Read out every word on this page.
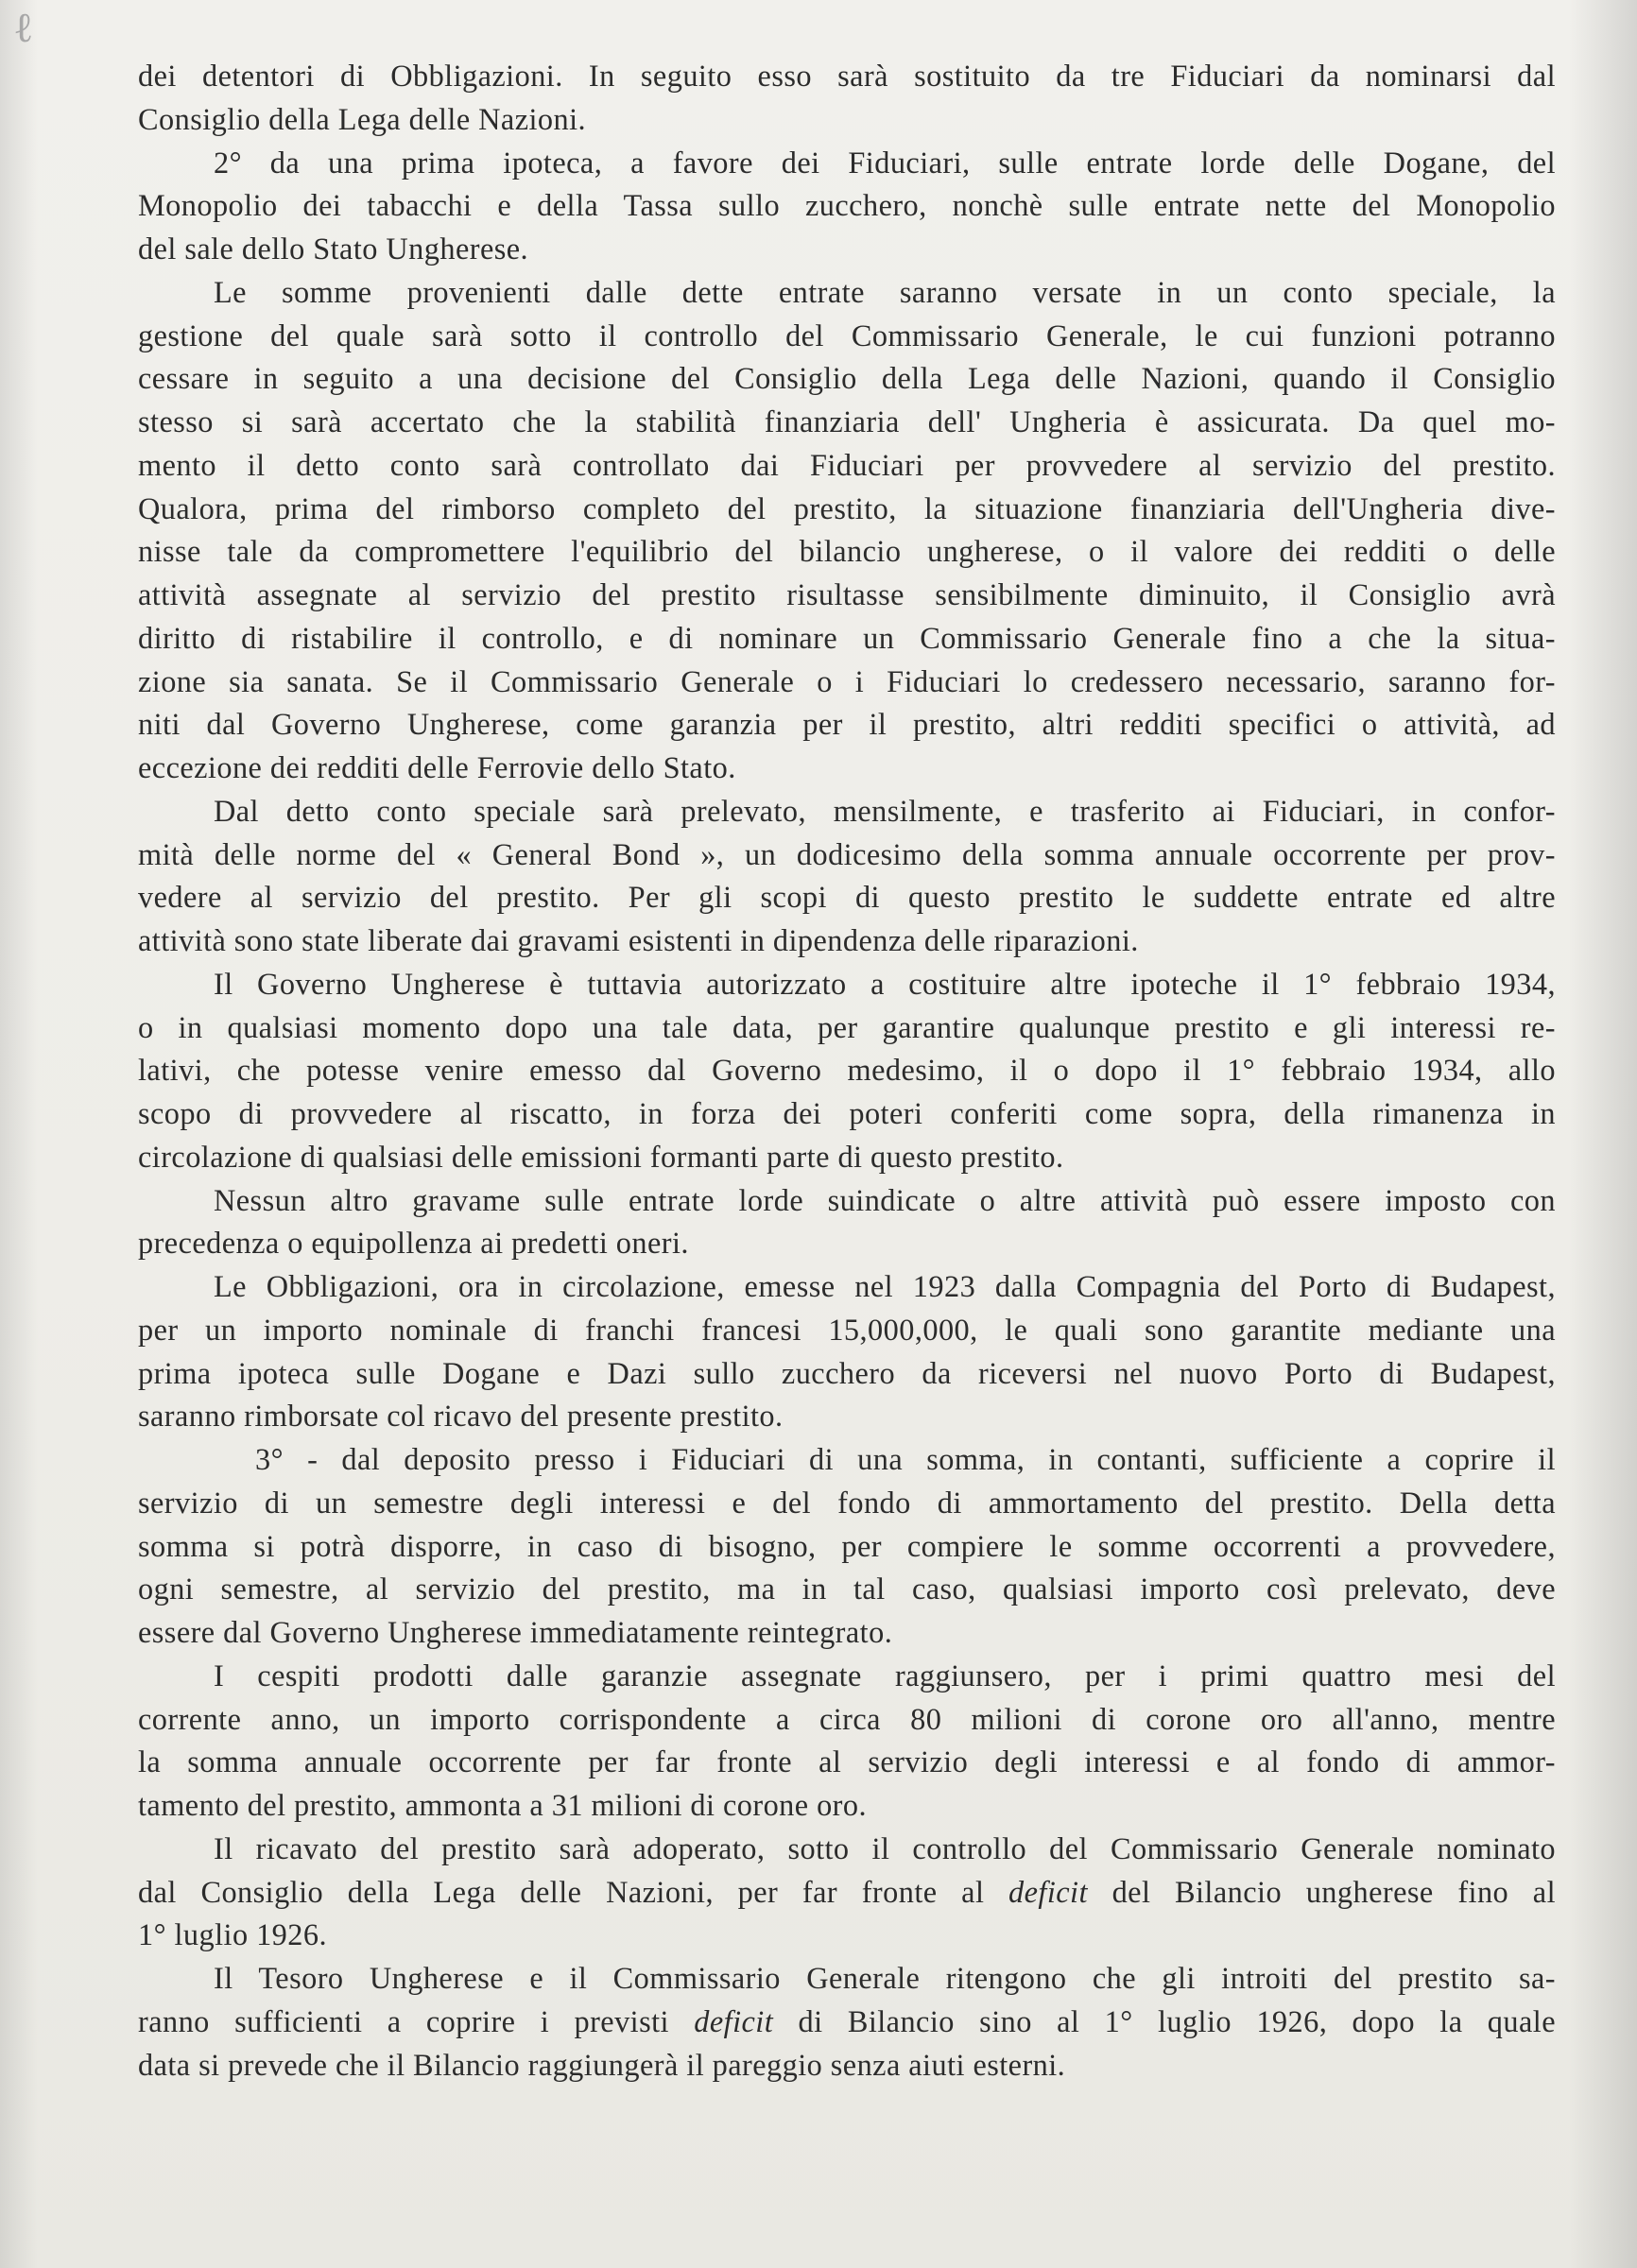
ℓ
dei detentori di Obbligazioni. In seguito esso sarà sostituito da tre Fiduciari da nominarsi dal
Consiglio della Lega delle Nazioni.
2° da una prima ipoteca, a favore dei Fiduciari, sulle entrate lorde delle Dogane, del
Monopolio dei tabacchi e della Tassa sullo zucchero, nonchè sulle entrate nette del Monopolio
del sale dello Stato Ungherese.
Le somme provenienti dalle dette entrate saranno versate in un conto speciale, la
gestione del quale sarà sotto il controllo del Commissario Generale, le cui funzioni potranno
cessare in seguito a una decisione del Consiglio della Lega delle Nazioni, quando il Consiglio
stesso si sarà accertato che la stabilità finanziaria dell' Ungheria è assicurata. Da quel mo-
mento il detto conto sarà controllato dai Fiduciari per provvedere al servizio del prestito.
Qualora, prima del rimborso completo del prestito, la situazione finanziaria dell'Ungheria dive-
nisse tale da compromettere l'equilibrio del bilancio ungherese, o il valore dei redditi o delle
attività assegnate al servizio del prestito risultasse sensibilmente diminuito, il Consiglio avrà
diritto di ristabilire il controllo, e di nominare un Commissario Generale fino a che la situa-
zione sia sanata. Se il Commissario Generale o i Fiduciari lo credessero necessario, saranno for-
niti dal Governo Ungherese, come garanzia per il prestito, altri redditi specifici o attività, ad
eccezione dei redditi delle Ferrovie dello Stato.
Dal detto conto speciale sarà prelevato, mensilmente, e trasferito ai Fiduciari, in confor-
mità delle norme del « General Bond », un dodicesimo della somma annuale occorrente per prov-
vedere al servizio del prestito. Per gli scopi di questo prestito le suddette entrate ed altre
attività sono state liberate dai gravami esistenti in dipendenza delle riparazioni.
Il Governo Ungherese è tuttavia autorizzato a costituire altre ipoteche il 1° febbraio 1934,
o in qualsiasi momento dopo una tale data, per garantire qualunque prestito e gli interessi re-
lativi, che potesse venire emesso dal Governo medesimo, il o dopo il 1° febbraio 1934, allo
scopo di provvedere al riscatto, in forza dei poteri conferiti come sopra, della rimanenza in
circolazione di qualsiasi delle emissioni formanti parte di questo prestito.
Nessun altro gravame sulle entrate lorde suindicate o altre attività può essere imposto con
precedenza o equipollenza ai predetti oneri.
Le Obbligazioni, ora in circolazione, emesse nel 1923 dalla Compagnia del Porto di Budapest,
per un importo nominale di franchi francesi 15,000,000, le quali sono garantite mediante una
prima ipoteca sulle Dogane e Dazi sullo zucchero da riceversi nel nuovo Porto di Budapest,
saranno rimborsate col ricavo del presente prestito.
3° - dal deposito presso i Fiduciari di una somma, in contanti, sufficiente a coprire il
servizio di un semestre degli interessi e del fondo di ammortamento del prestito. Della detta
somma si potrà disporre, in caso di bisogno, per compiere le somme occorrenti a provvedere,
ogni semestre, al servizio del prestito, ma in tal caso, qualsiasi importo così prelevato, deve
essere dal Governo Ungherese immediatamente reintegrato.
I cespiti prodotti dalle garanzie assegnate raggiunsero, per i primi quattro mesi del
corrente anno, un importo corrispondente a circa 80 milioni di corone oro all'anno, mentre
la somma annuale occorrente per far fronte al servizio degli interessi e al fondo di ammor-
tamento del prestito, ammonta a 31 milioni di corone oro.
Il ricavato del prestito sarà adoperato, sotto il controllo del Commissario Generale nominato
dal Consiglio della Lega delle Nazioni, per far fronte al deficit del Bilancio ungherese fino al
1° luglio 1926.
Il Tesoro Ungherese e il Commissario Generale ritengono che gli introiti del prestito sa-
ranno sufficienti a coprire i previsti deficit di Bilancio sino al 1° luglio 1926, dopo la quale
data si prevede che il Bilancio raggiungerà il pareggio senza aiuti esterni.
